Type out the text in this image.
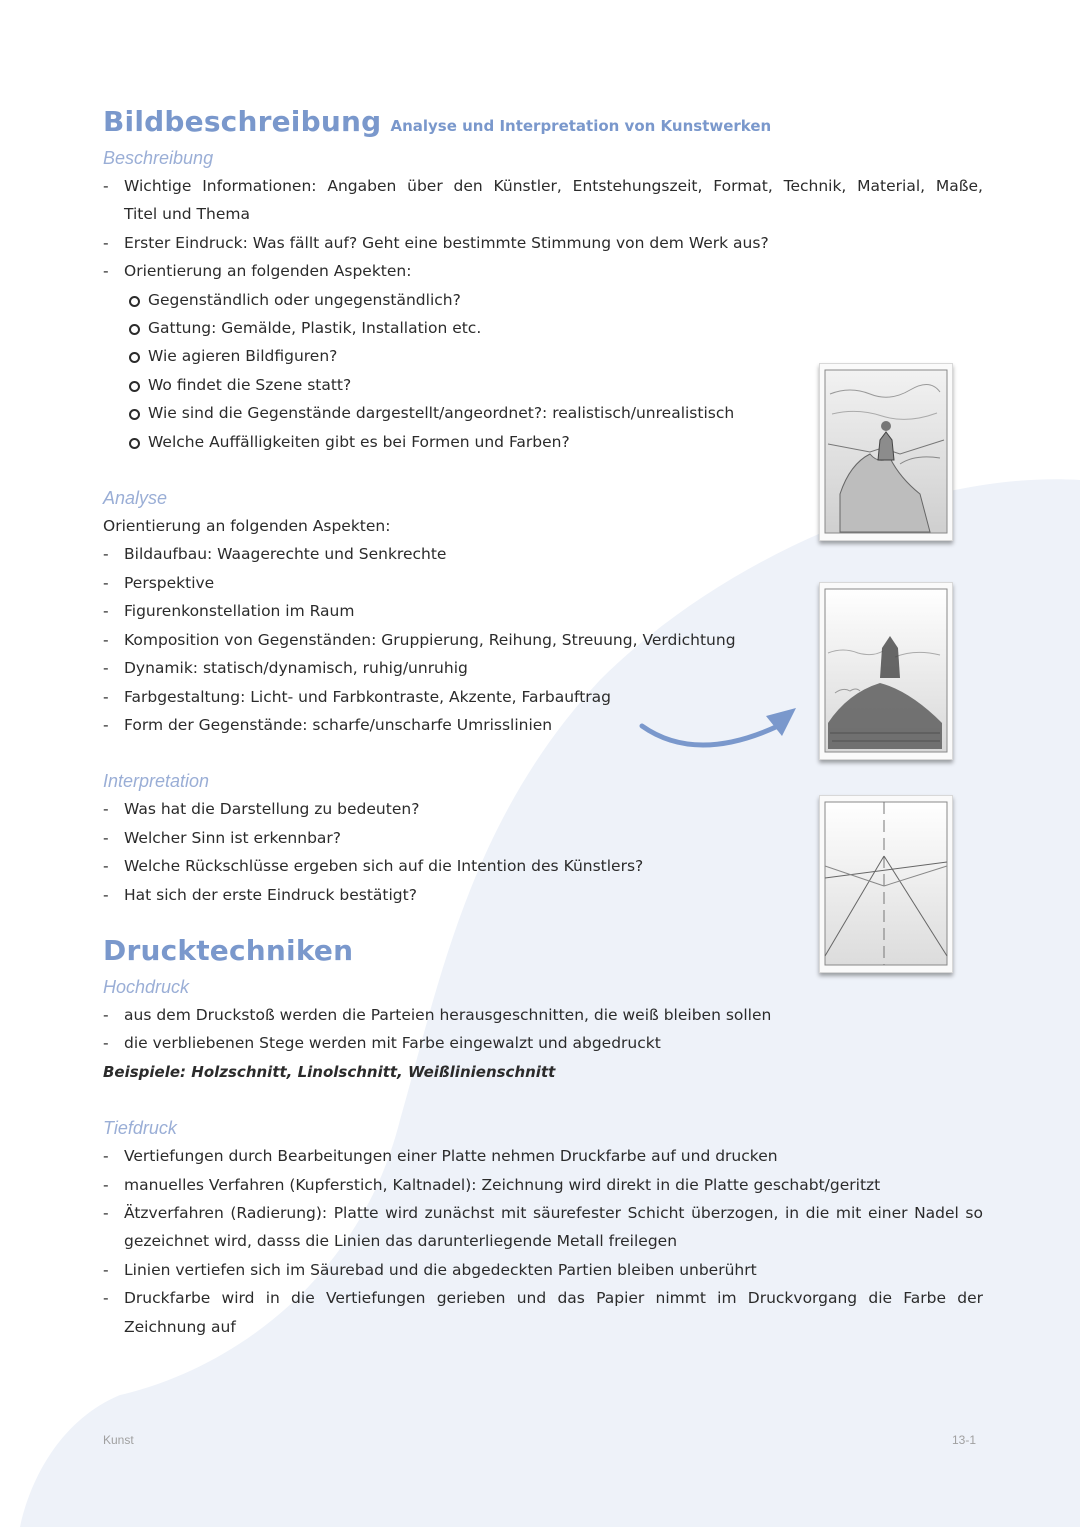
Bildbeschreibung Analyse und Interpretation von Kunstwerken
Beschreibung
- Wichtige Informationen: Angaben über den Künstler, Entstehungszeit, Format, Technik, Material, Maße,
Titel und Thema
- Erster Eindruck: Was fällt auf? Geht eine bestimmte Stimmung von dem Werk aus?
- Orientierung an folgenden Aspekten:
Gegenständlich oder ungegenständlich?
Gattung: Gemälde, Plastik, Installation etc.
Wie agieren Bildfiguren?
Wo findet die Szene statt?
Wie sind die Gegenstände dargestellt/angeordnet?: realistisch/unrealistisch
Welche Auffälligkeiten gibt es bei Formen und Farben?
Analyse
Orientierung an folgenden Aspekten:
- Bildaufbau: Waagerechte und Senkrechte
- Perspektive
- Figurenkonstellation im Raum
- Komposition von Gegenständen: Gruppierung, Reihung, Streuung, Verdichtung
- Dynamik: statisch/dynamisch, ruhig/unruhig
- Farbgestaltung: Licht- und Farbkontraste, Akzente, Farbauftrag
- Form der Gegenstände: scharfe/unscharfe Umrisslinien
Interpretation
- Was hat die Darstellung zu bedeuten?
- Welcher Sinn ist erkennbar?
- Welche Rückschlüsse ergeben sich auf die Intention des Künstlers?
- Hat sich der erste Eindruck bestätigt?
Drucktechniken
Hochdruck
- aus dem Druckstoß werden die Parteien herausgeschnitten, die weiß bleiben sollen
- die verbliebenen Stege werden mit Farbe eingewalzt und abgedruckt
Beispiele: Holzschnitt, Linolschnitt, Weißlinienschnitt
Tiefdruck
- Vertiefungen durch Bearbeitungen einer Platte nehmen Druckfarbe auf und drucken
- manuelles Verfahren (Kupferstich, Kaltnadel): Zeichnung wird direkt in die Platte geschabt/geritzt
- Ätzverfahren (Radierung): Platte wird zunächst mit säurefester Schicht überzogen, in die mit einer Nadel so
gezeichnet wird, dasss die Linien das darunterliegende Metall freilegen
- Linien vertiefen sich im Säurebad und die abgedeckten Partien bleiben unberührt
- Druckfarbe wird in die Vertiefungen gerieben und das Papier nimmt im Druckvorgang die Farbe der
Zeichnung auf
Kunst	13-1
